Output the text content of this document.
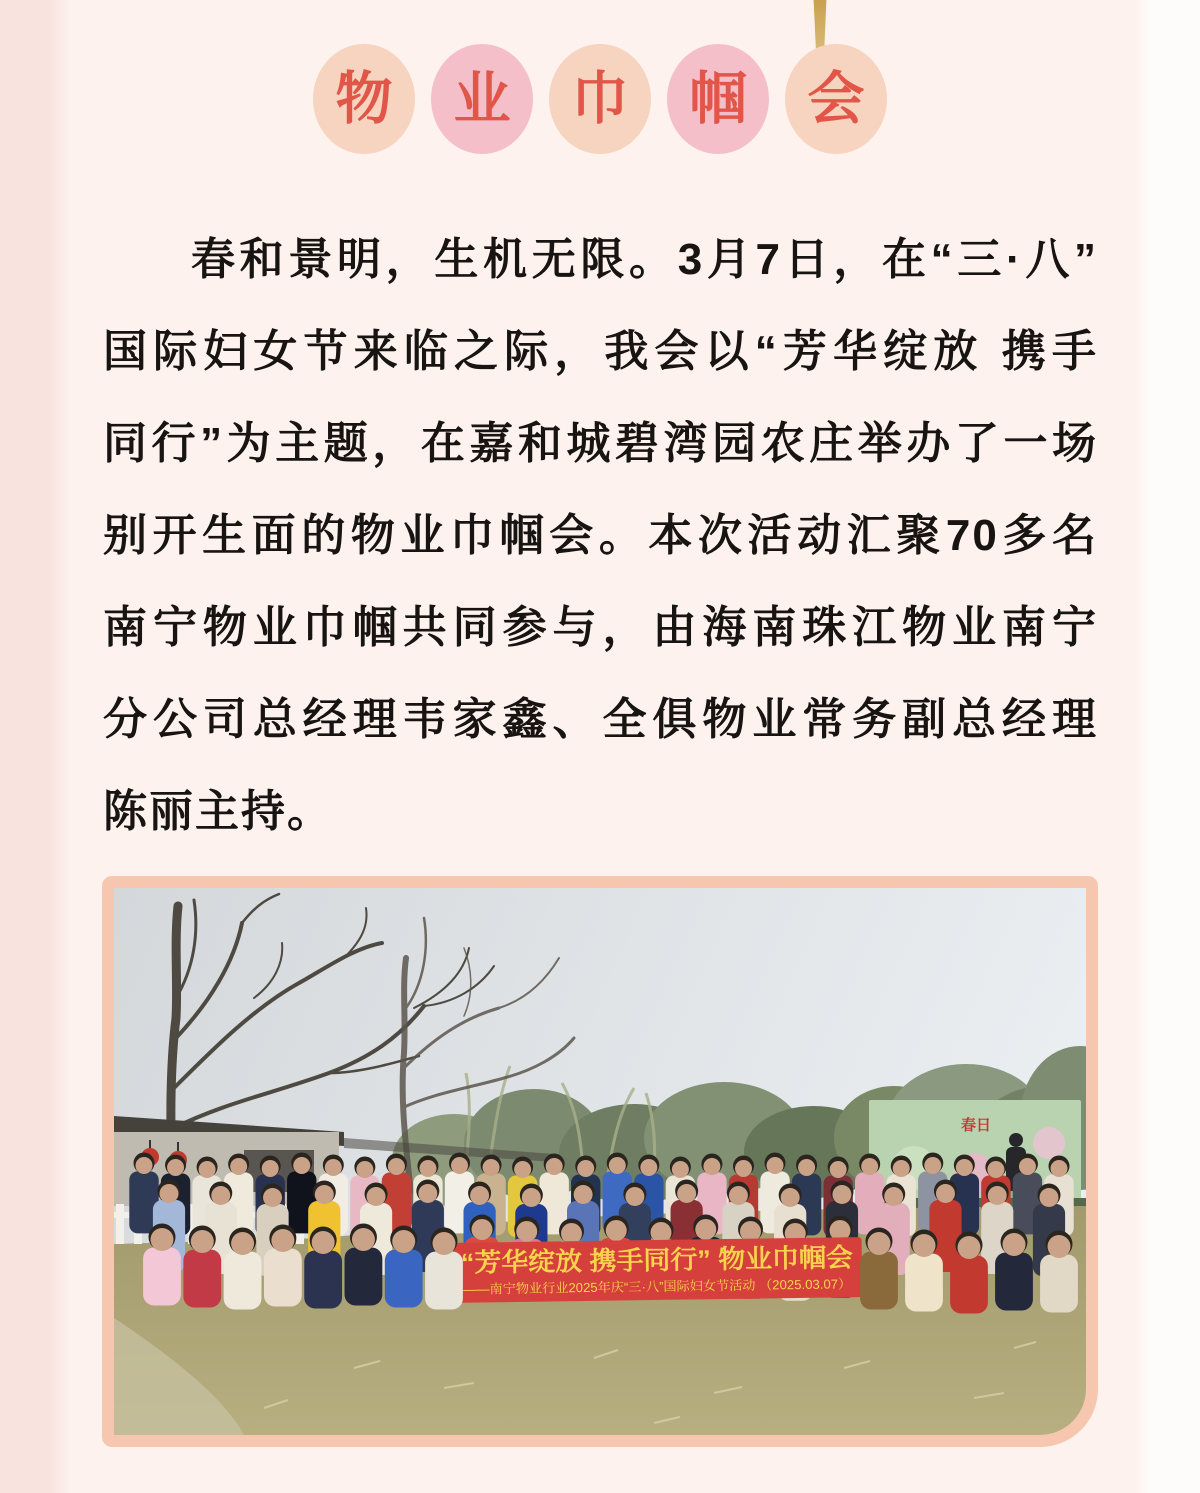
物 业 巾 帼 会

春和景明，生机无限。3月7日，在“三·八”

国际妇女节来临之际，我会以“芳华绽放 携手

同行”为主题，在嘉和城碧湾园农庄举办了一场

别开生面的物业巾帼会。本次活动汇聚70多名

南宁物业巾帼共同参与，由海南珠江物业南宁

分公司总经理韦家鑫、全俱物业常务副总经理

陈丽主持。

春日
“芳华绽放 携手同行” 物业巾帼会
——南宁物业行业2025年庆“三·八”国际妇女节活动 （2025.03.07）
